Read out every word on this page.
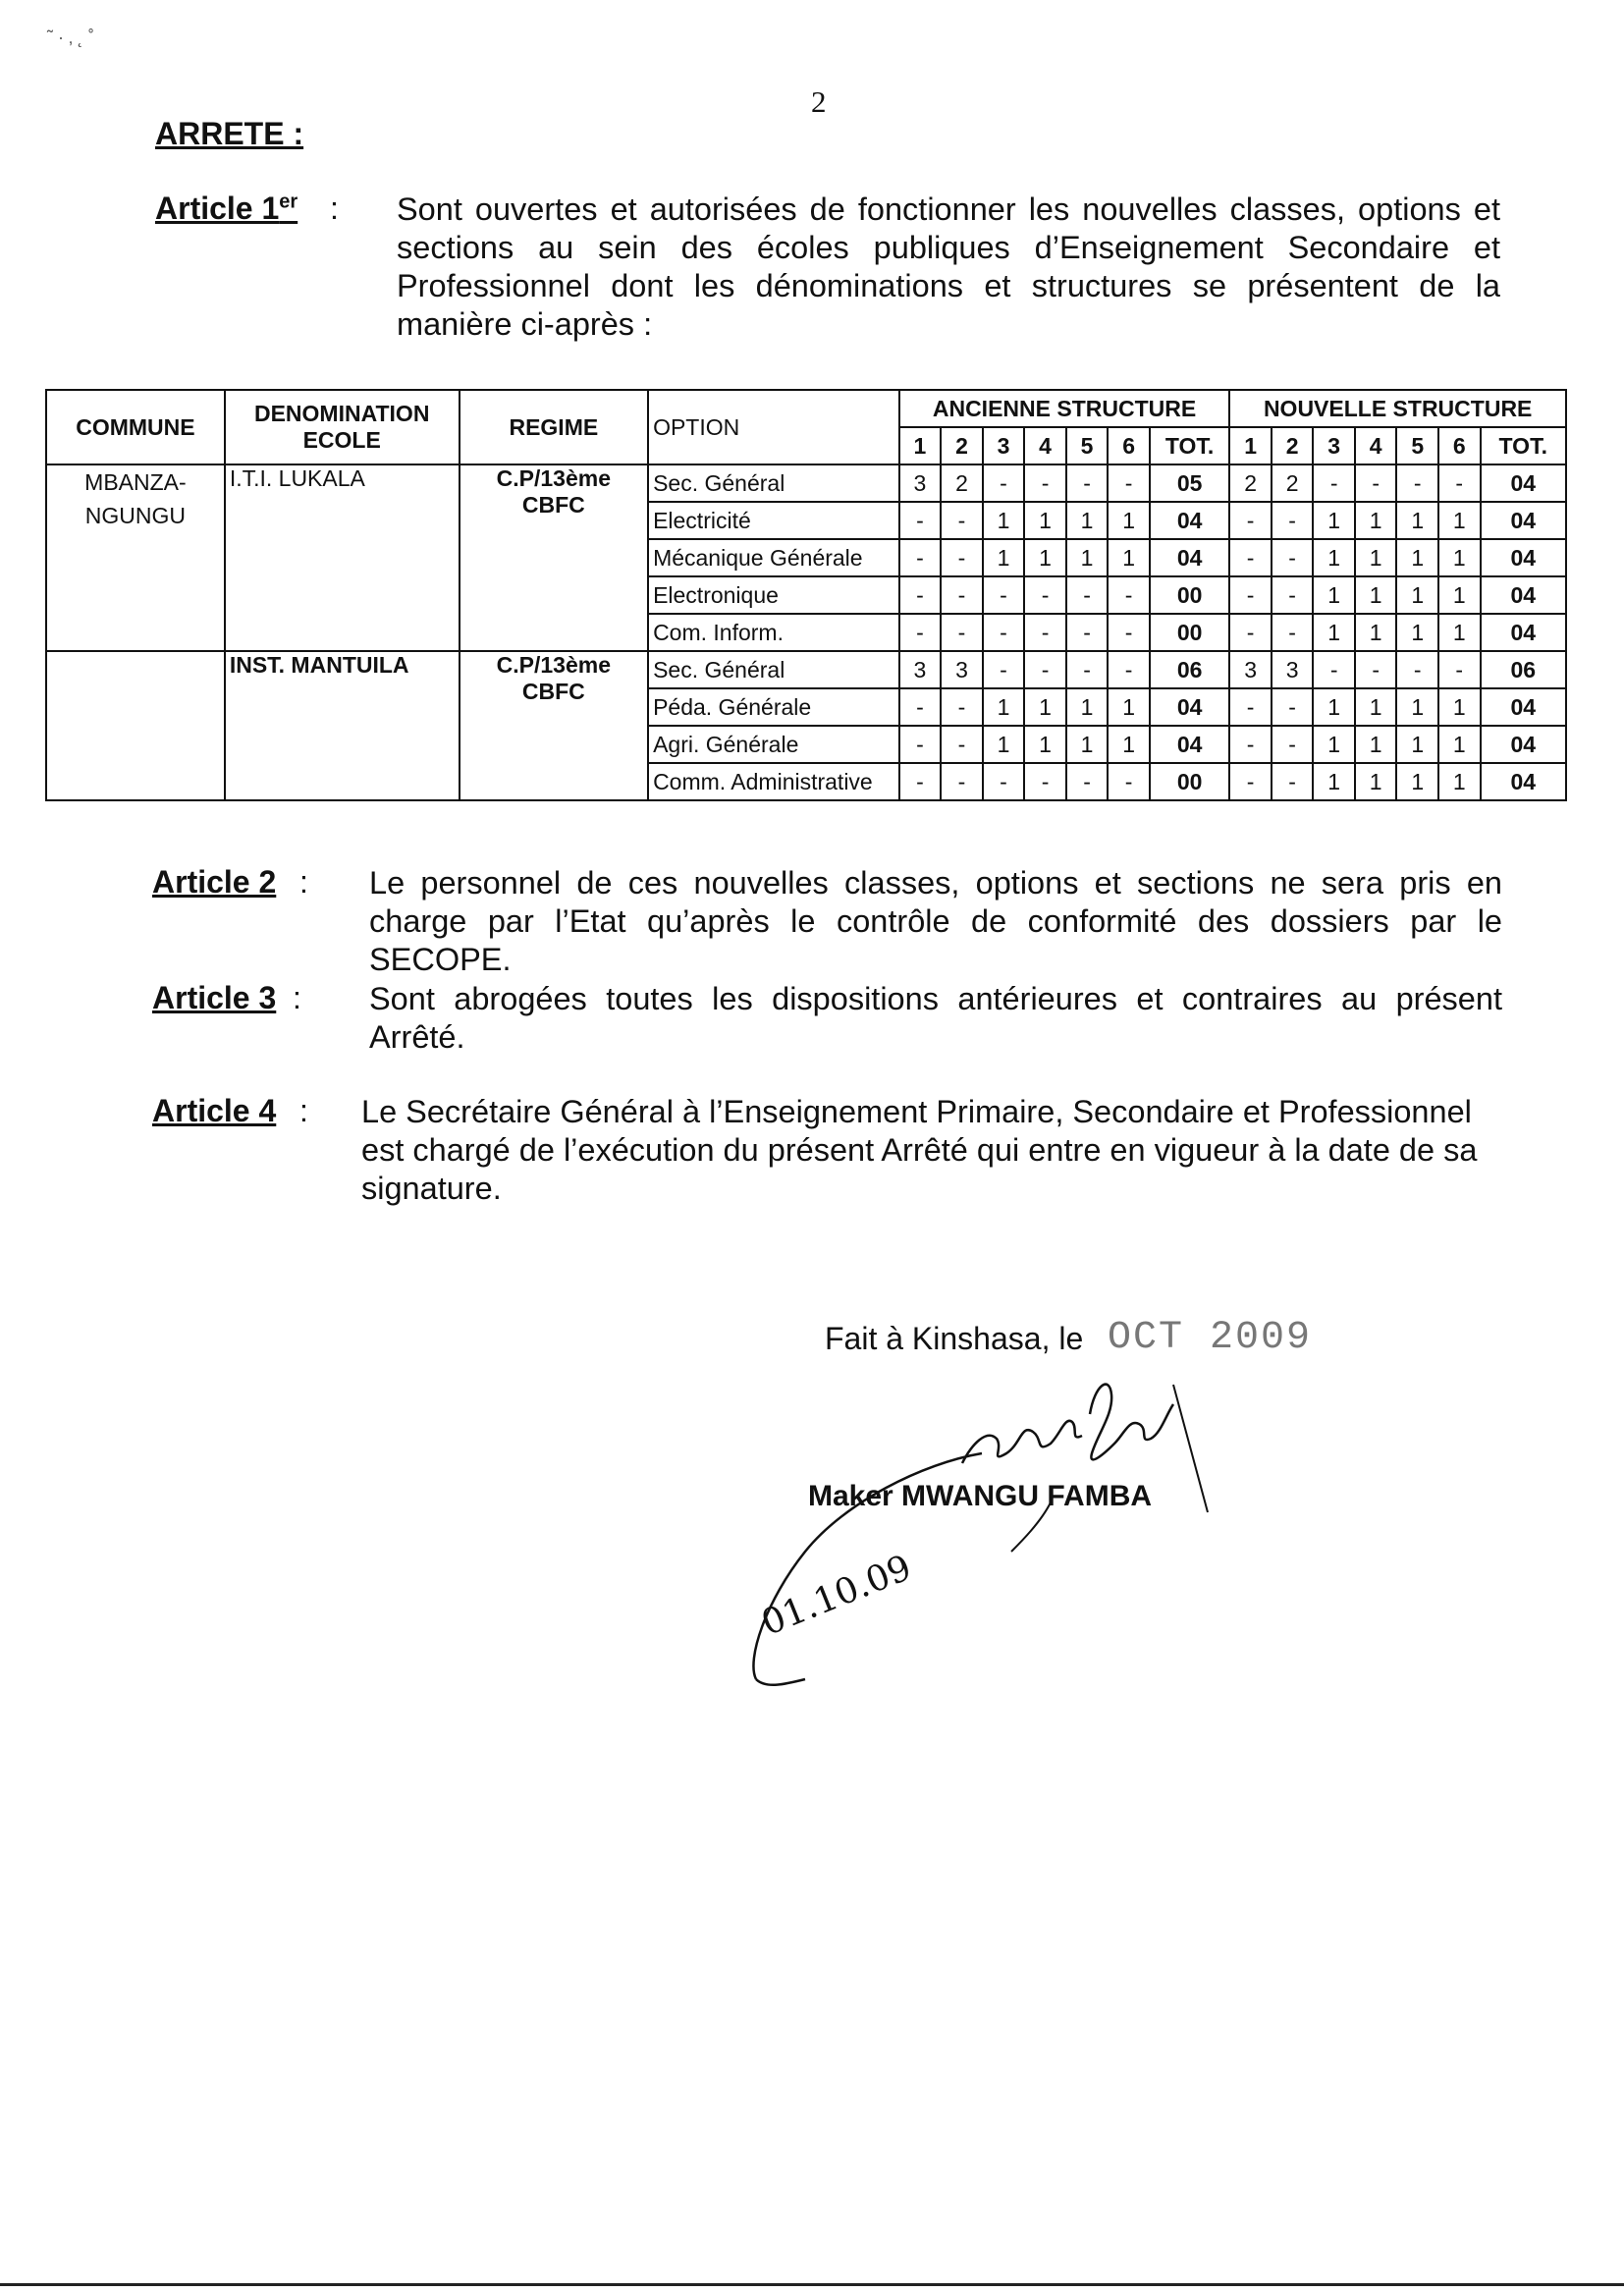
˜ · ‚ ˛ ˚
2
ARRETE :
Article 1er : Sont ouvertes et autorisées de fonctionner les nouvelles classes, options et sections au sein des écoles publiques d’Enseignement Secondaire et Professionnel dont les dénominations et structures se présentent de la manière ci-après :
COMMUNE	DENOMINATION ECOLE	REGIME	OPTION	ANCIENNE STRUCTURE							NOUVELLE STRUCTURE						
				1	2	3	4	5	6	TOT.	1	2	3	4	5	6	TOT.
MBANZA-NGUNGU	I.T.I. LUKALA	C.P/13ème CBFC	Sec. Général	3	2	-	-	-	-	05	2	2	-	-	-	-	04
			Electricité	-	-	1	1	1	1	04	-	-	1	1	1	1	04
			Mécanique Générale	-	-	1	1	1	1	04	-	-	1	1	1	1	04
			Electronique	-	-	-	-	-	-	00	-	-	1	1	1	1	04
			Com. Inform.	-	-	-	-	-	-	00	-	-	1	1	1	1	04
	INST. MANTUILA	C.P/13ème CBFC	Sec. Général	3	3	-	-	-	-	06	3	3	-	-	-	-	06
			Péda. Générale	-	-	1	1	1	1	04	-	-	1	1	1	1	04
			Agri. Générale	-	-	1	1	1	1	04	-	-	1	1	1	1	04
			Comm. Administrative	-	-	-	-	-	-	00	-	-	1	1	1	1	04
Article 2 : Le personnel de ces nouvelles classes, options et sections ne sera pris en charge par l’Etat qu’après le contrôle de conformité des dossiers par le SECOPE.
Article 3 : Sont abrogées toutes les dispositions antérieures et contraires au présent Arrêté.
Article 4 : Le Secrétaire Général à l’Enseignement Primaire, Secondaire et Professionnel est chargé de l’exécution du présent Arrêté qui entre en vigueur à la date de sa signature.
Fait à Kinshasa, le OCT 2009
Maker MWANGU FAMBA
01.10.09
